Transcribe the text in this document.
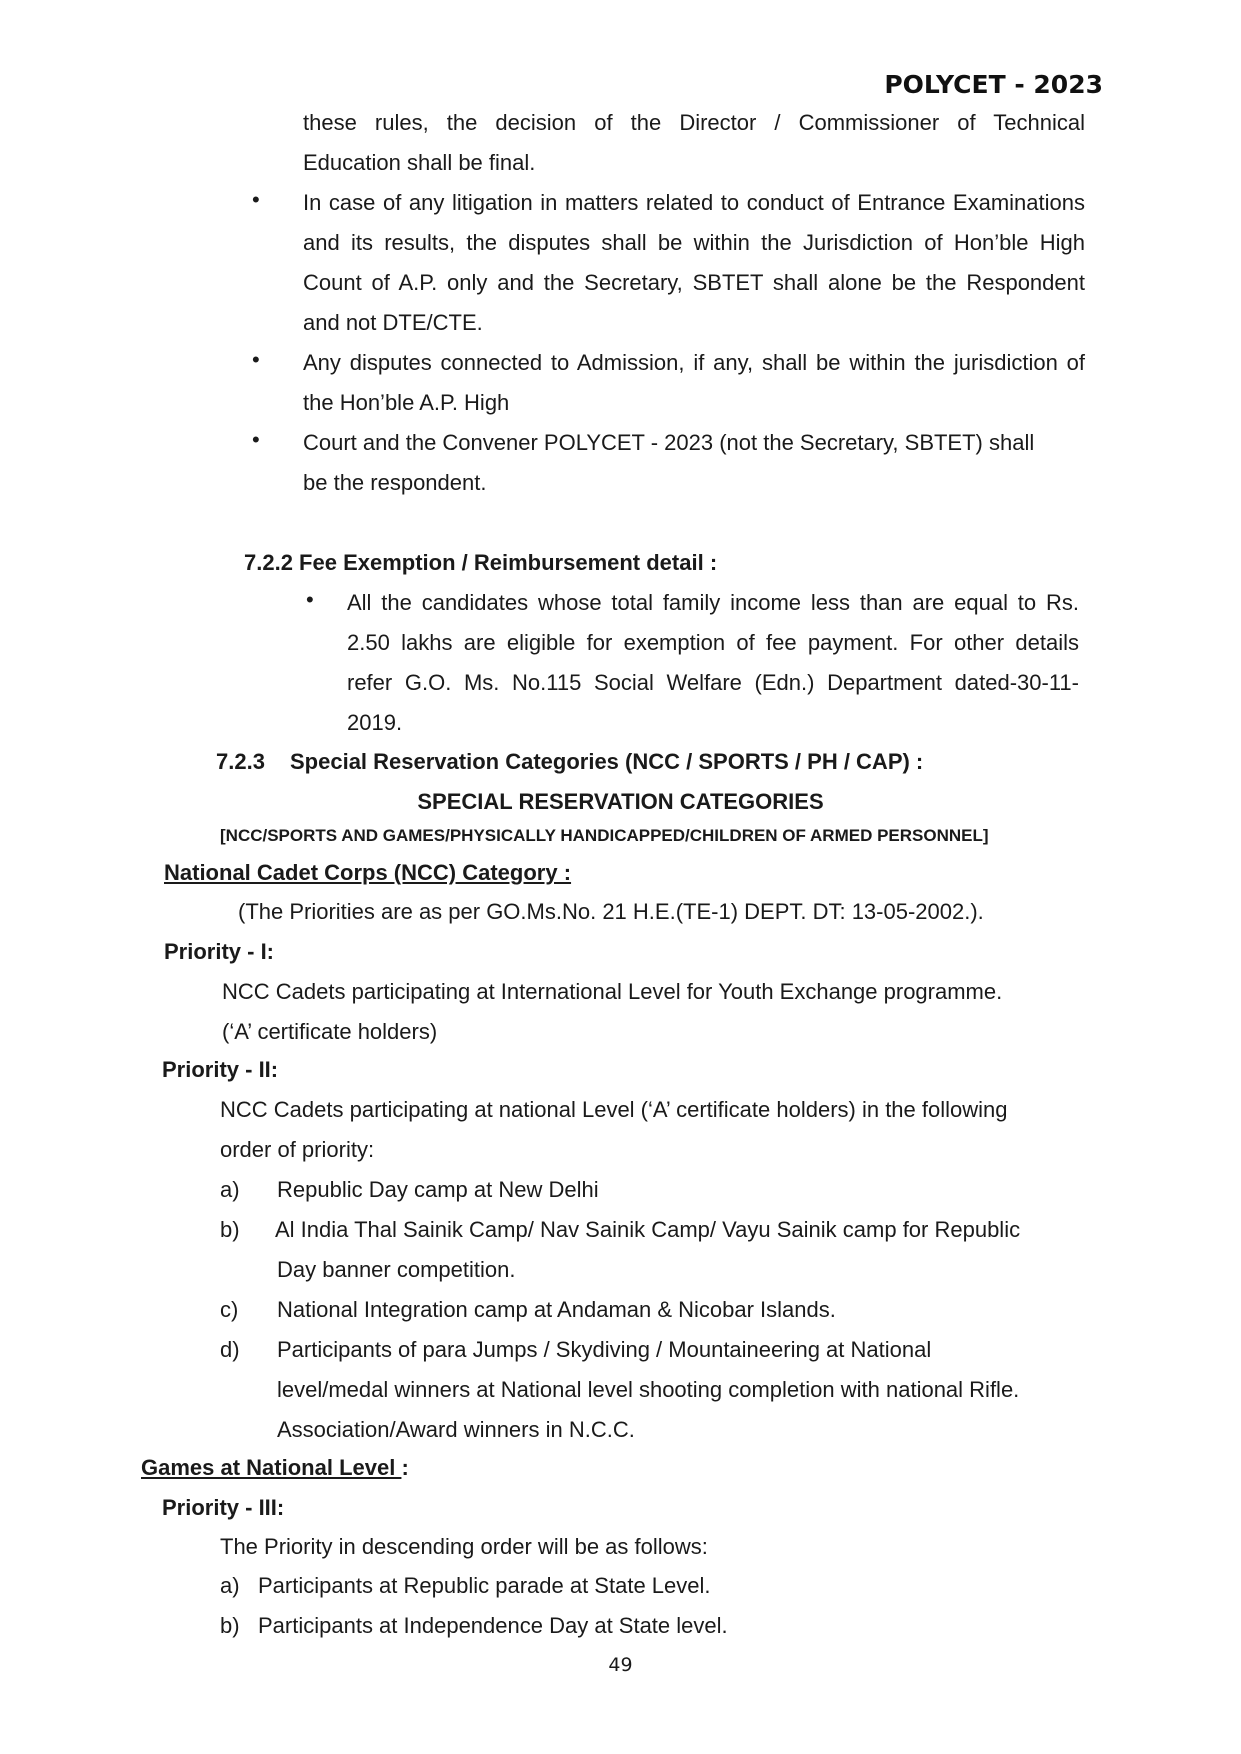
POLYCET - 2023
these rules, the decision of the Director / Commissioner of Technical
Education shall be final.
• In case of any litigation in matters related to conduct of Entrance Examinations
and its results, the disputes shall be within the Jurisdiction of Hon’ble High
Count of A.P. only and the Secretary, SBTET shall alone be the Respondent
and not DTE/CTE.
• Any disputes connected to Admission, if any, shall be within the jurisdiction of
the Hon’ble A.P. High
• Court and the Convener POLYCET - 2023 (not the Secretary, SBTET) shall
be the respondent.
7.2.2 Fee Exemption / Reimbursement detail :
• All the candidates whose total family income less than are equal to Rs.
2.50 lakhs are eligible for exemption of fee payment. For other details
refer G.O. Ms. No.115 Social Welfare (Edn.) Department dated-30-11-
2019.
7.2.3 Special Reservation Categories (NCC / SPORTS / PH / CAP) :
SPECIAL RESERVATION CATEGORIES
[NCC/SPORTS AND GAMES/PHYSICALLY HANDICAPPED/CHILDREN OF ARMED PERSONNEL]
National Cadet Corps (NCC) Category :
(The Priorities are as per GO.Ms.No. 21 H.E.(TE-1) DEPT. DT: 13-05-2002.).
Priority - I:
NCC Cadets participating at International Level for Youth Exchange programme.
(‘A’ certificate holders)
Priority - II:
NCC Cadets participating at national Level (‘A’ certificate holders) in the following
order of priority:
a) Republic Day camp at New Delhi
b) Al India Thal Sainik Camp/ Nav Sainik Camp/ Vayu Sainik camp for Republic
Day banner competition.
c) National Integration camp at Andaman & Nicobar Islands.
d) Participants of para Jumps / Skydiving / Mountaineering at National
level/medal winners at National level shooting completion with national Rifle.
Association/Award winners in N.C.C.
Games at National Level :
Priority - III:
The Priority in descending order will be as follows:
a) Participants at Republic parade at State Level.
b) Participants at Independence Day at State level.
49
